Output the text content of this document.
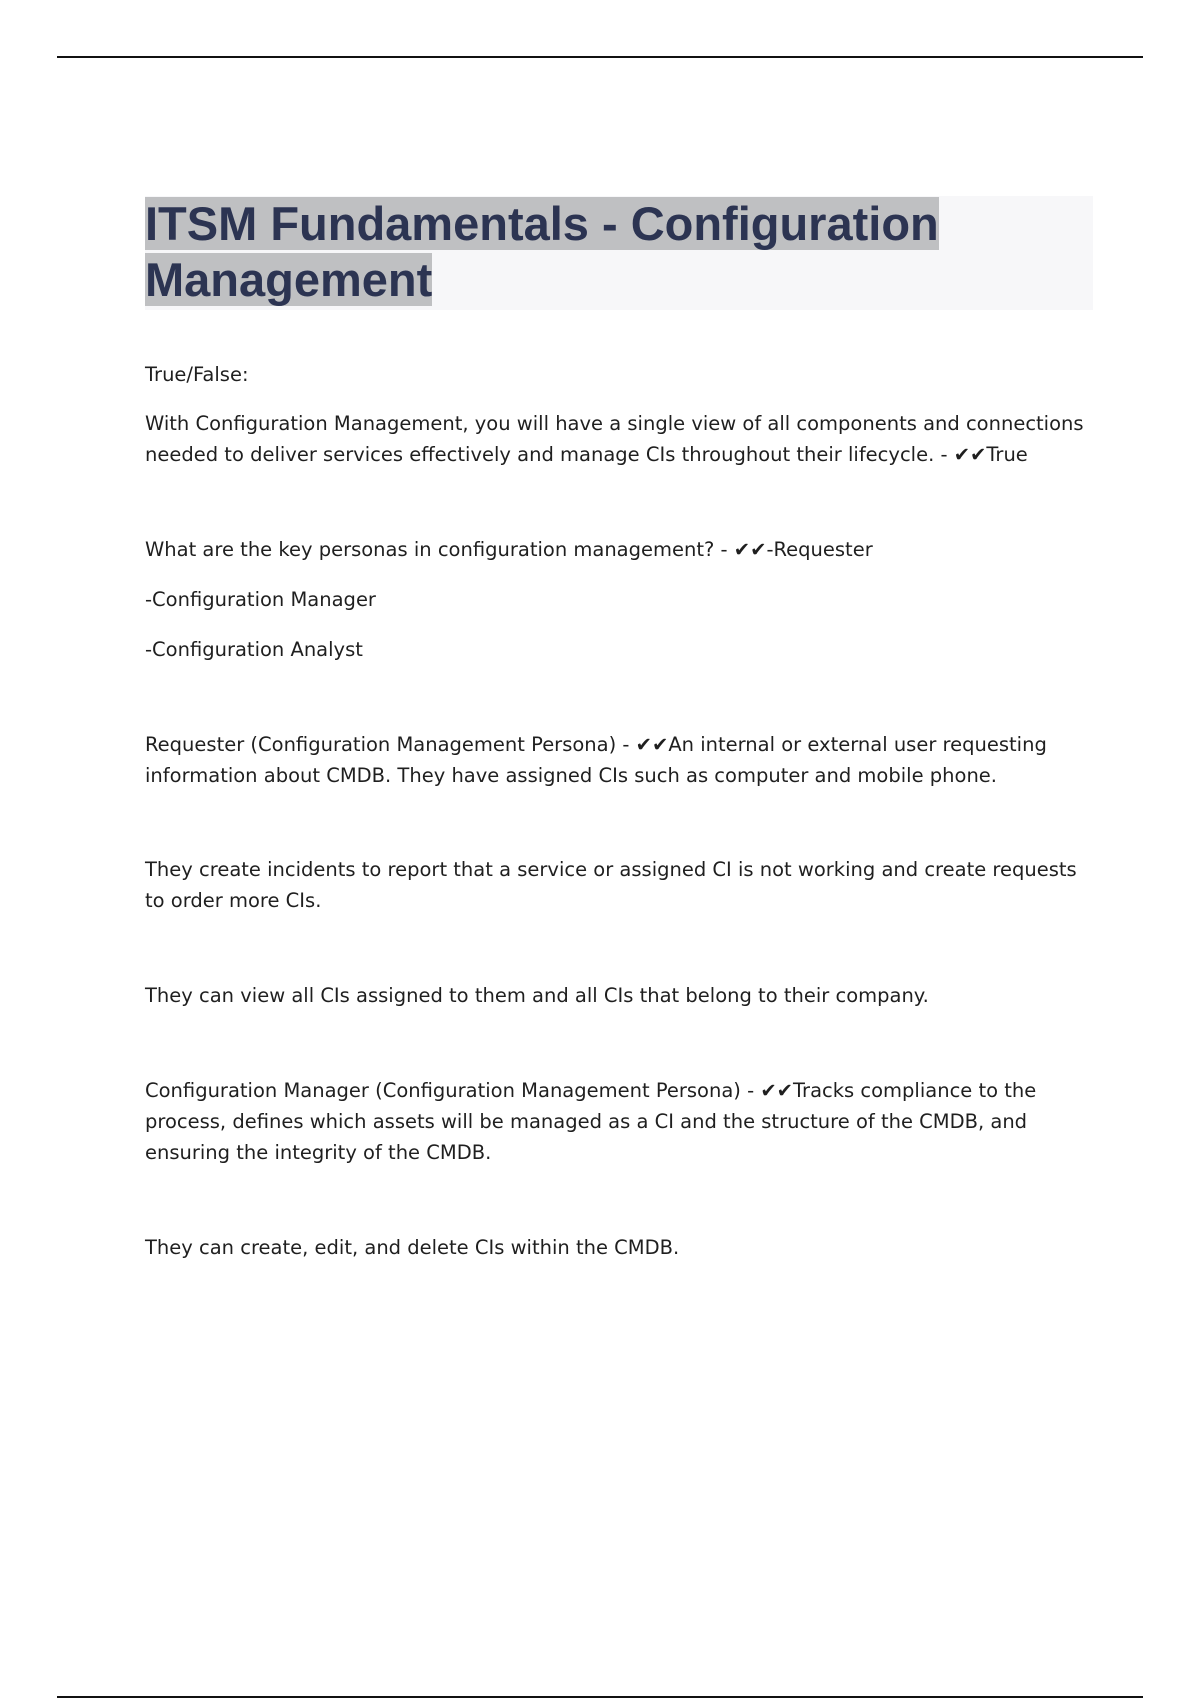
ITSM Fundamentals - Configuration
Management

True/False:

With Configuration Management, you will have a single view of all components and connections needed to deliver services effectively and manage CIs throughout their lifecycle. - ✔✔True

What are the key personas in configuration management? - ✔✔-Requester

-Configuration Manager

-Configuration Analyst

Requester (Configuration Management Persona) - ✔✔An internal or external user requesting information about CMDB. They have assigned CIs such as computer and mobile phone.

They create incidents to report that a service or assigned CI is not working and create requests to order more CIs.

They can view all CIs assigned to them and all CIs that belong to their company.

Configuration Manager (Configuration Management Persona) - ✔✔Tracks compliance to the process, defines which assets will be managed as a CI and the structure of the CMDB, and ensuring the integrity of the CMDB.

They can create, edit, and delete CIs within the CMDB.
